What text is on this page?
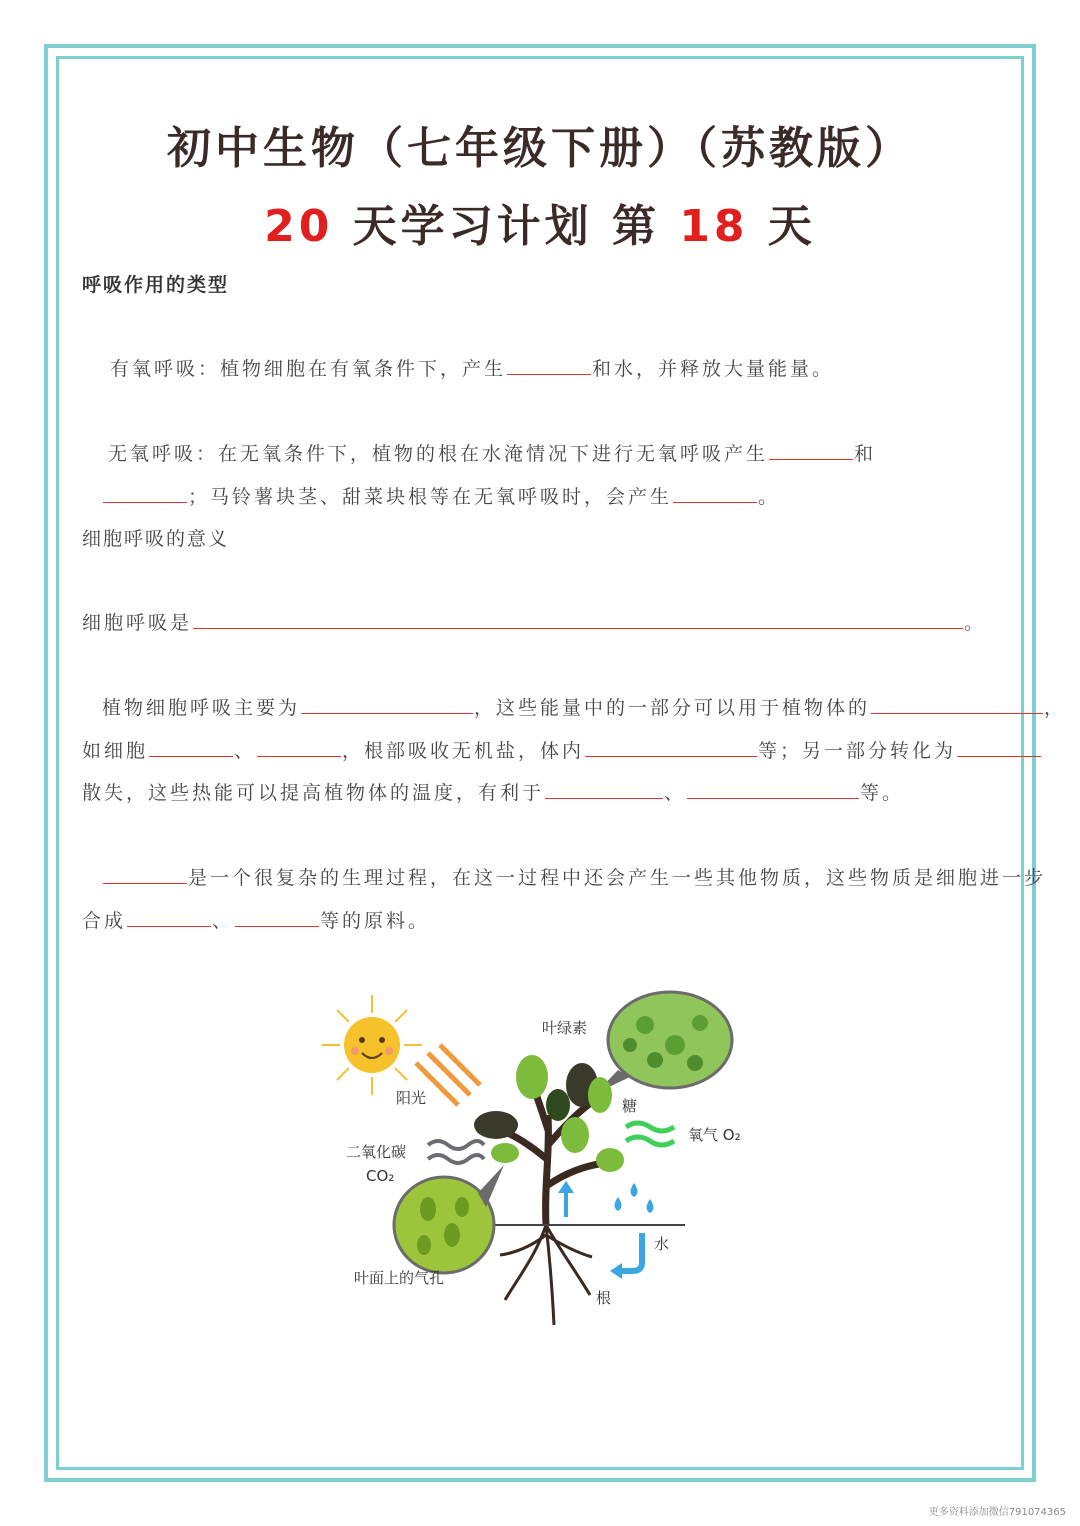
初中生物（七年级下册）（苏教版）
20 天学习计划 第 18 天
呼吸作用的类型
有氧呼吸：植物细胞在有氧条件下，产生	和水，并释放大量能量。
无氧呼吸：在无氧条件下，植物的根在水淹情况下进行无氧呼吸产生	和
；马铃薯块茎、甜菜块根等在无氧呼吸时，会产生	。
细胞呼吸的意义
细胞呼吸是	。
植物细胞呼吸主要为	，这些能量中的一部分可以用于植物体的	，
如细胞	、	，根部吸收无机盐，体内	等；另一部分转化为
散失，这些热能可以提高植物体的温度，有利于	、	等。
是一个很复杂的生理过程，在这一过程中还会产生一些其他物质，这些物质是细胞进一步
合成	、	等的原料。
阳光
叶绿素
糖
氧气 O₂
二氧化碳
CO₂
叶面上的气孔
水
根
更多资料添加微信791074365
